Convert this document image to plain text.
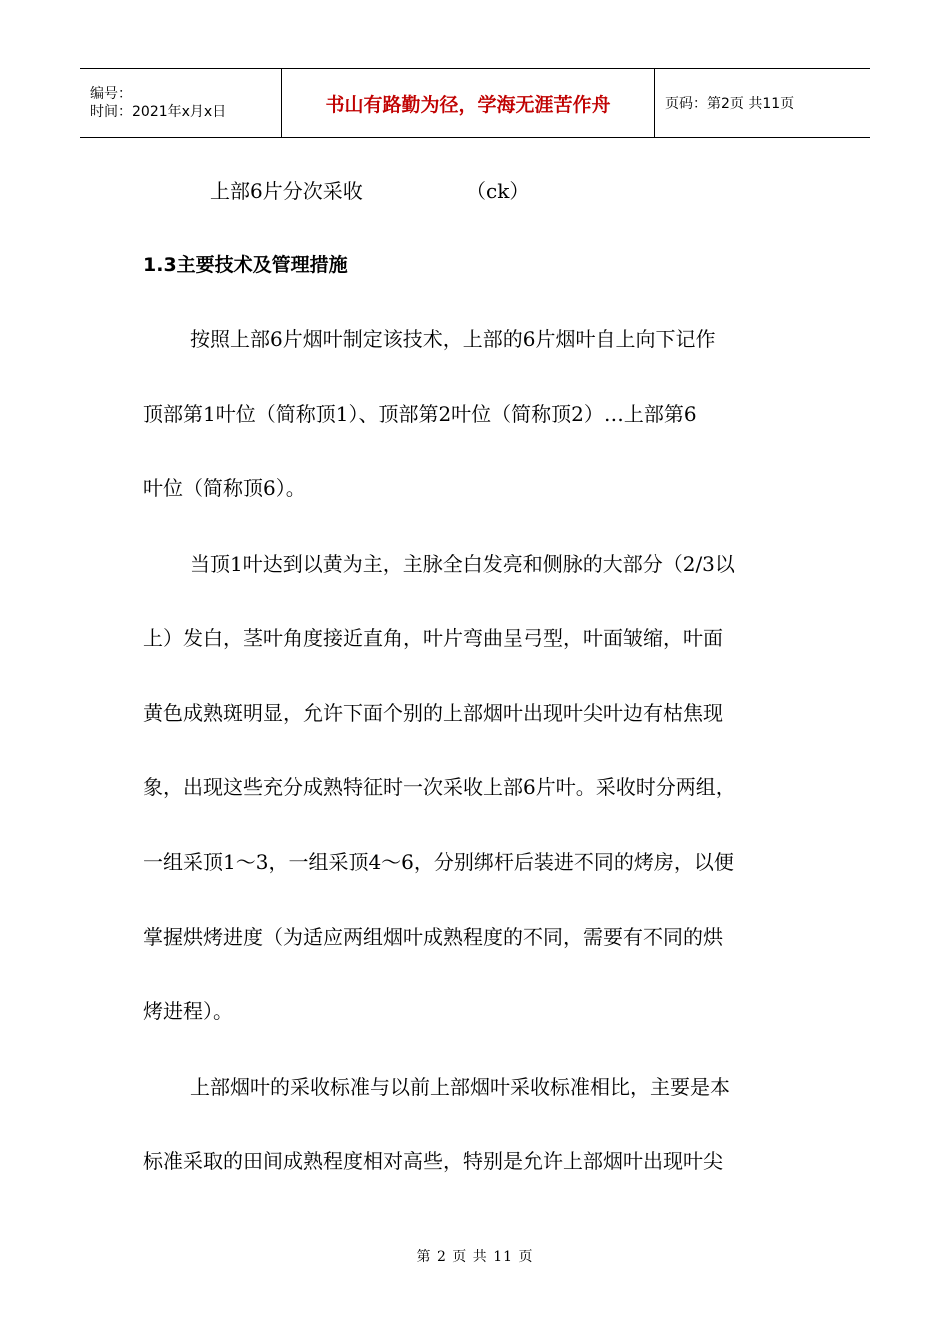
编号：
时间：2021年x月x日	书山有路勤为径，学海无涯苦作舟	页码：第2页 共11页
上部6片分次采收	（ck）
1.3主要技术及管理措施
按照上部6片烟叶制定该技术，上部的6片烟叶自上向下记作
顶部第1叶位（简称顶1）、顶部第2叶位（简称顶2）…上部第6
叶位（简称顶6）。
当顶1叶达到以黄为主，主脉全白发亮和侧脉的大部分（2/3以
上）发白，茎叶角度接近直角，叶片弯曲呈弓型，叶面皱缩，叶面
黄色成熟斑明显，允许下面个别的上部烟叶出现叶尖叶边有枯焦现
象，出现这些充分成熟特征时一次采收上部6片叶。采收时分两组，
一组采顶1～3，一组采顶4～6，分别绑杆后装进不同的烤房，以便
掌握烘烤进度（为适应两组烟叶成熟程度的不同，需要有不同的烘
烤进程）。
上部烟叶的采收标准与以前上部烟叶采收标准相比，主要是本
标准采取的田间成熟程度相对高些，特别是允许上部烟叶出现叶尖
第 2 页 共 11 页
